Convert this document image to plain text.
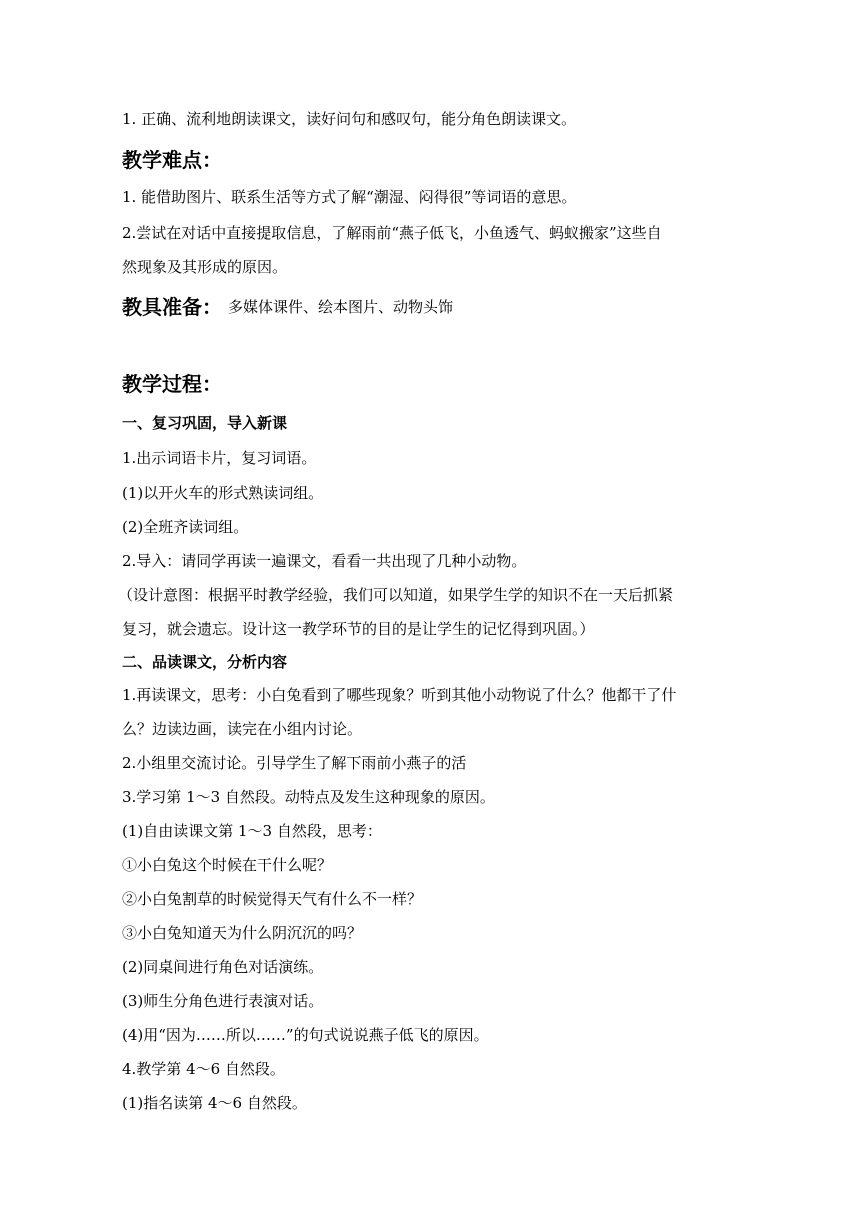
1. 正确、流利地朗读课文，读好问句和感叹句，能分角色朗读课文。
教学难点：
1. 能借助图片、联系生活等方式了解“潮湿、闷得很”等词语的意思。
2.尝试在对话中直接提取信息，了解雨前“燕子低飞，小鱼透气、蚂蚁搬家”这些自
然现象及其形成的原因。
教具准备： 多媒体课件、绘本图片、动物头饰
教学过程：
一、复习巩固，导入新课
1.出示词语卡片，复习词语。
(1)以开火车的形式熟读词组。
(2)全班齐读词组。
2.导入：请同学再读一遍课文，看看一共出现了几种小动物。
（设计意图：根据平时教学经验，我们可以知道，如果学生学的知识不在一天后抓紧
复习，就会遗忘。设计这一教学环节的目的是让学生的记忆得到巩固。）
二、品读课文，分析内容
1.再读课文，思考：小白兔看到了哪些现象？听到其他小动物说了什么？他都干了什
么？边读边画，读完在小组内讨论。
2.小组里交流讨论。引导学生了解下雨前小燕子的活
3.学习第 1～3 自然段。动特点及发生这种现象的原因。
(1)自由读课文第 1～3 自然段，思考：
①小白兔这个时候在干什么呢？
②小白兔割草的时候觉得天气有什么不一样？
③小白兔知道天为什么阴沉沉的吗？
(2)同桌间进行角色对话演练。
(3)师生分角色进行表演对话。
(4)用“因为……所以……”的句式说说燕子低飞的原因。
4.教学第 4～6 自然段。
(1)指名读第 4～6 自然段。
